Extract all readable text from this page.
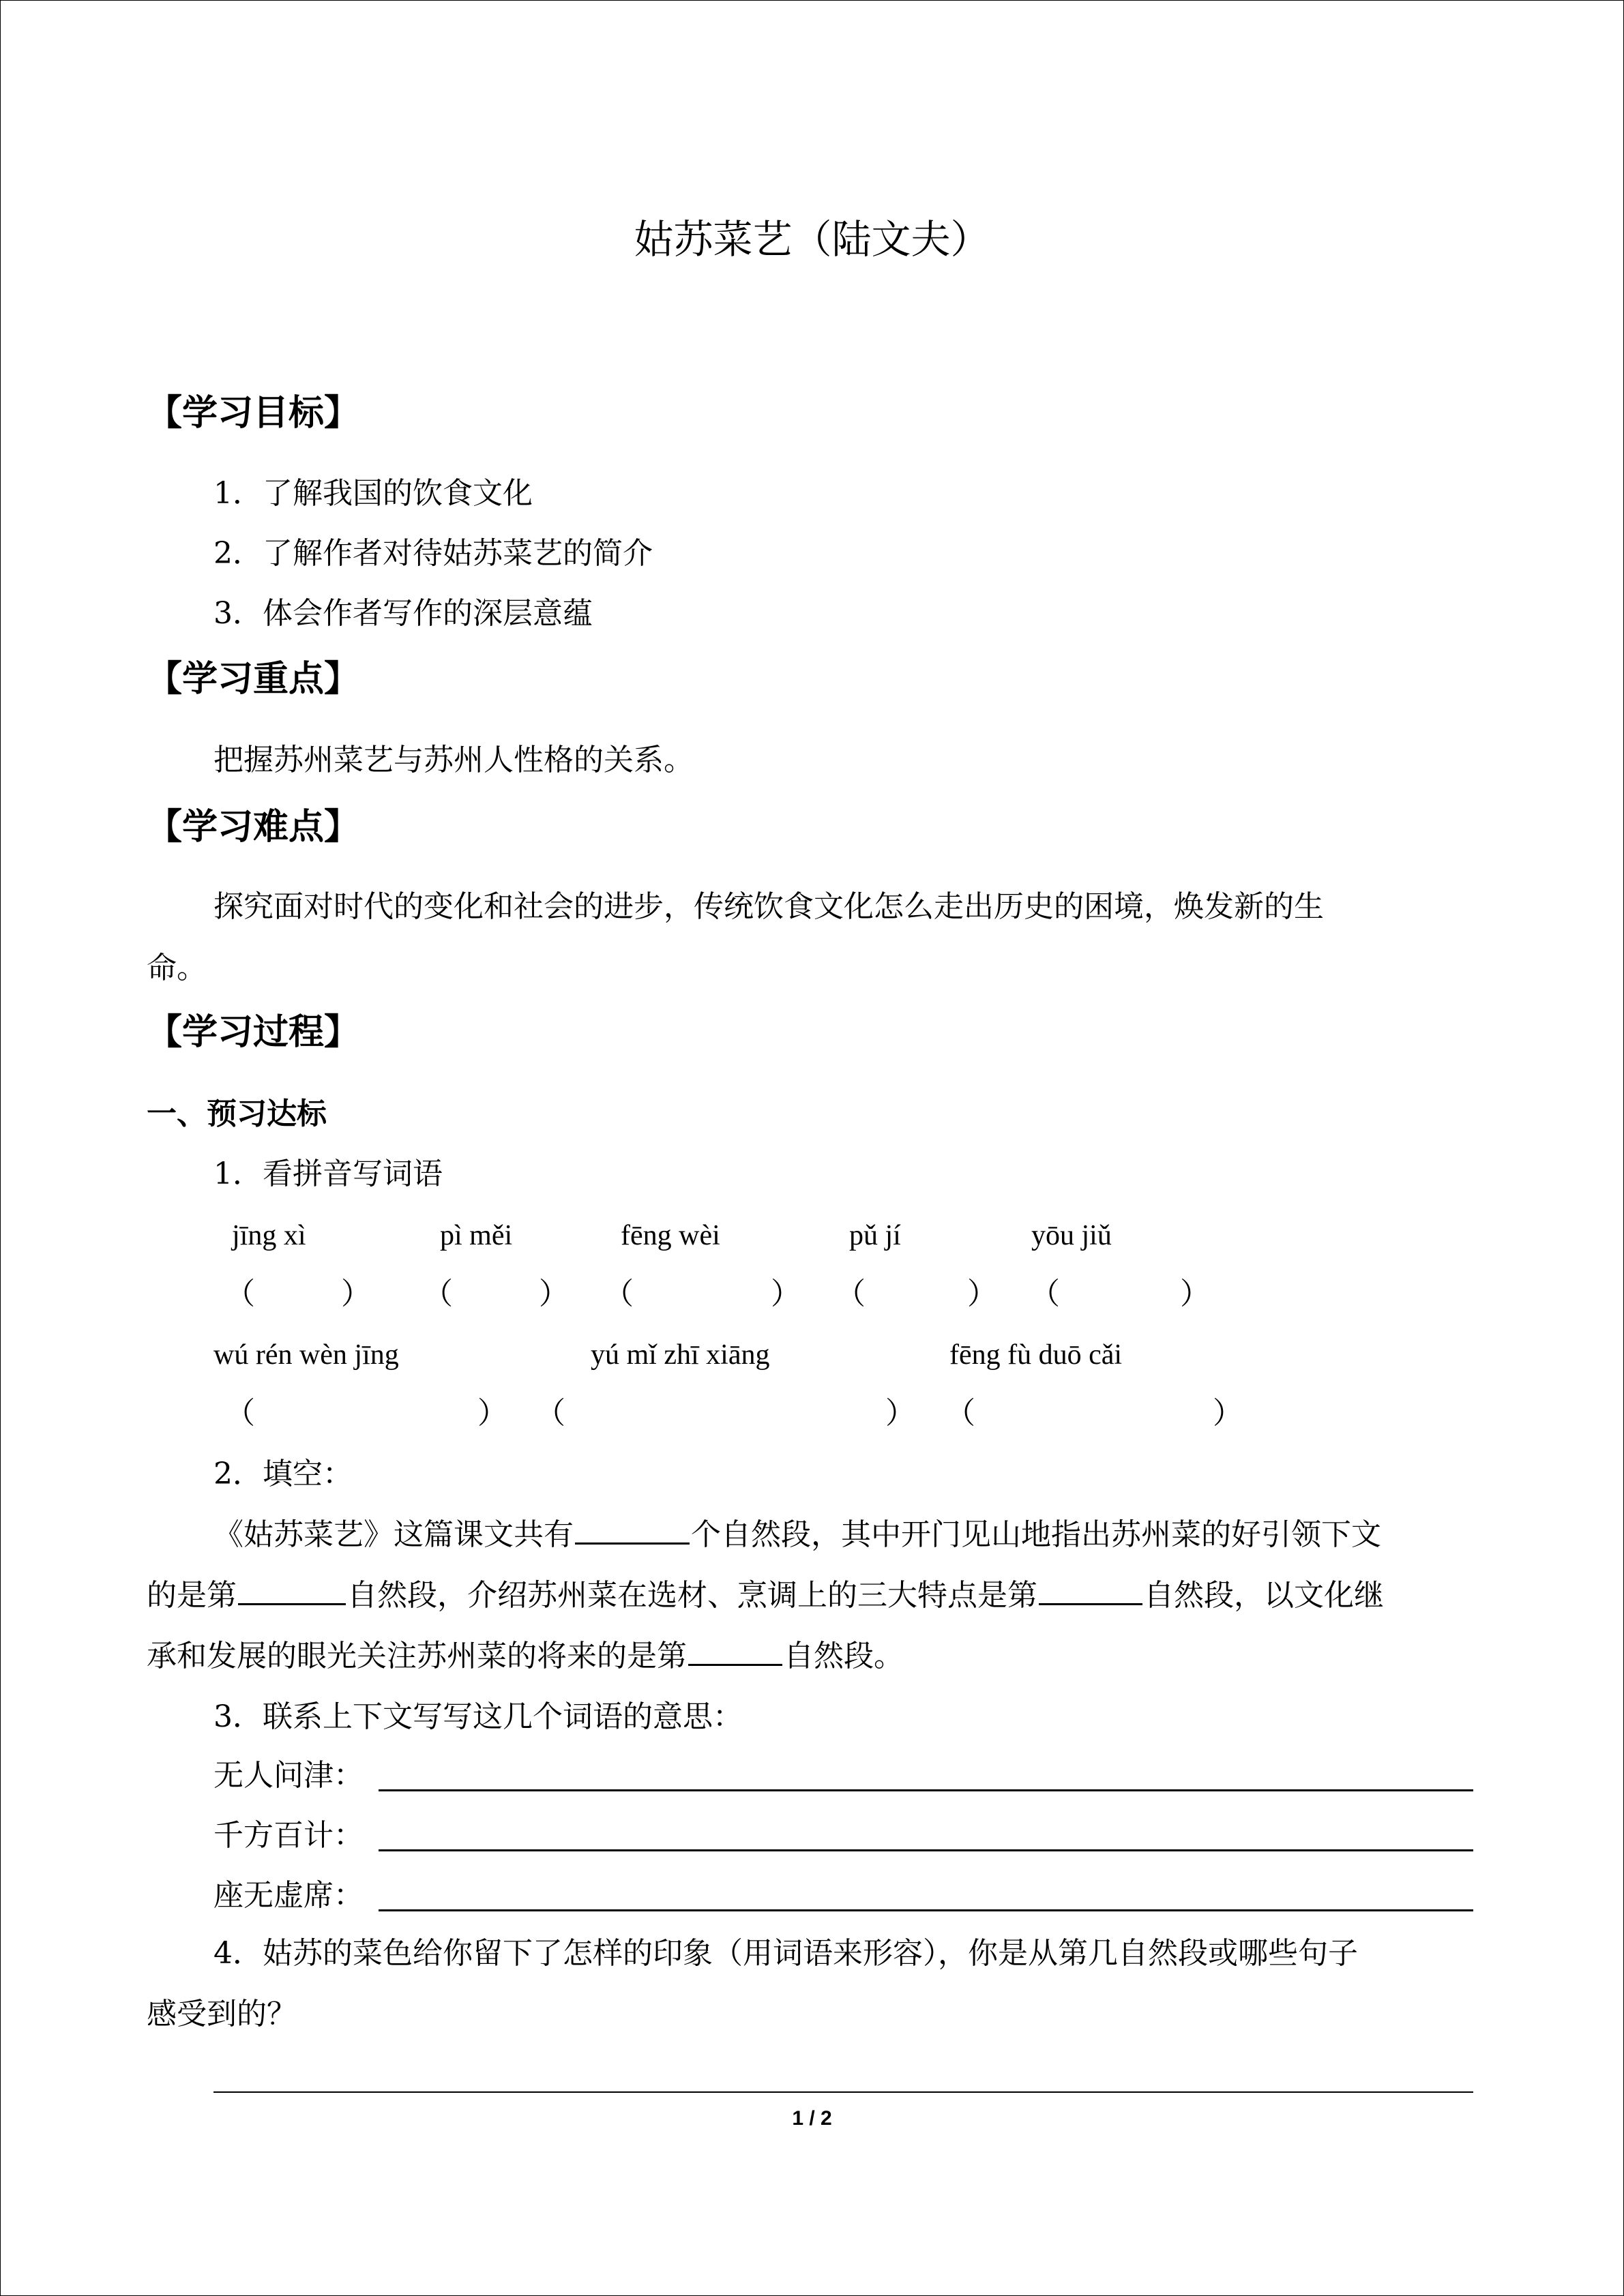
姑苏菜艺（陆文夫）
【学习目标】
1．了解我国的饮食文化
2．了解作者对待姑苏菜艺的简介
3．体会作者写作的深层意蕴
【学习重点】
把握苏州菜艺与苏州人性格的关系。
【学习难点】
探究面对时代的变化和社会的进步，传统饮食文化怎么走出历史的困境，焕发新的生
命。
【学习过程】
一、预习达标
1．看拼音写词语
jīng xì	pì měi	fēng wèi	pǔ jí	yōu jiǔ
（	） （	） （	） （	） （	）
wú rén wèn jīng	yú mǐ zhī xiāng	fēng fù duō cǎi
（	） （	） （	）
2．填空：
《姑苏菜艺》这篇课文共有	个自然段，其中开门见山地指出苏州菜的好引领下文
的是第	自然段，介绍苏州菜在选材、烹调上的三大特点是第	自然段，以文化继
承和发展的眼光关注苏州菜的将来的是第	自然段。
3．联系上下文写写这几个词语的意思：
无人问津：
千方百计：
座无虚席：
4．姑苏的菜色给你留下了怎样的印象（用词语来形容），你是从第几自然段或哪些句子
感受到的？
1 / 2
